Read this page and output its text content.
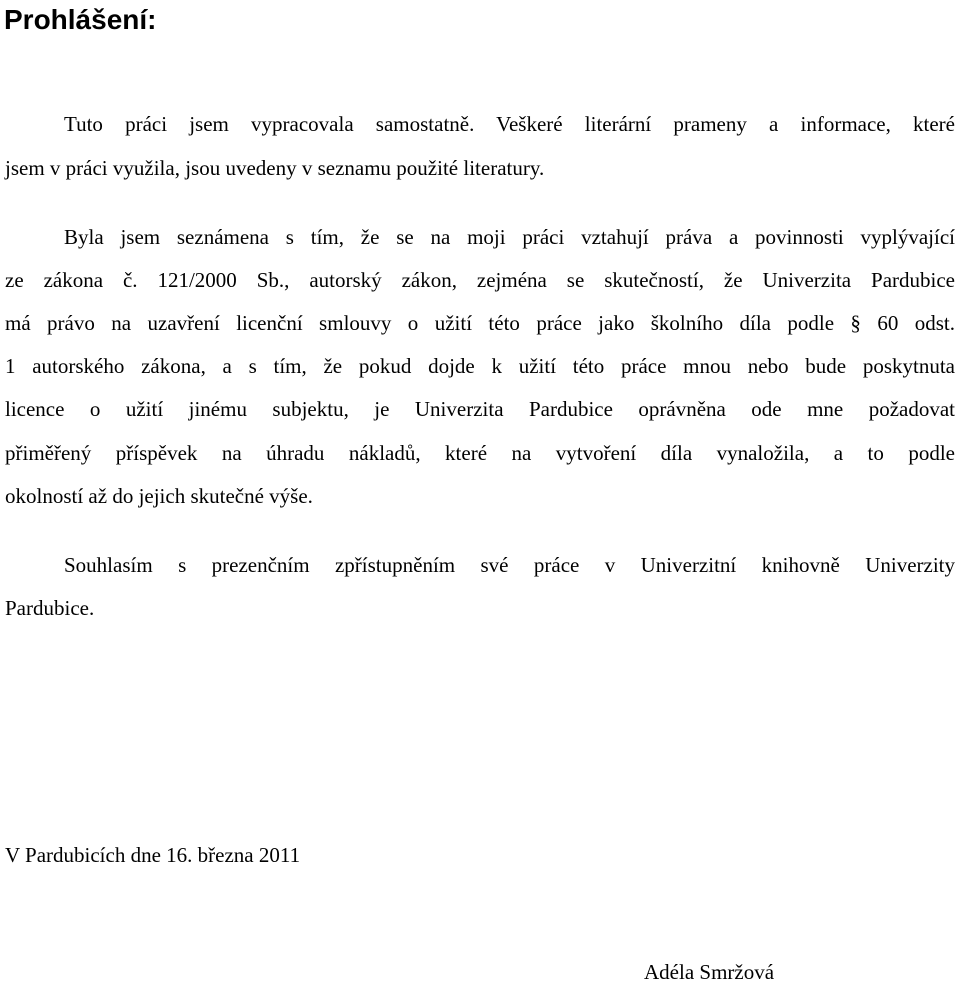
Prohlášení:
Tuto práci jsem vypracovala samostatně. Veškeré literární prameny a informace, které
jsem v práci využila, jsou uvedeny v seznamu použité literatury.
Byla jsem seznámena s tím, že se na moji práci vztahují práva a povinnosti vyplývající
ze zákona č. 121/2000 Sb., autorský zákon, zejména se skutečností, že Univerzita Pardubice
má právo na uzavření licenční smlouvy o užití této práce jako školního díla podle § 60 odst.
1 autorského zákona, a s tím, že pokud dojde k užití této práce mnou nebo bude poskytnuta
licence o užití jinému subjektu, je Univerzita Pardubice oprávněna ode mne požadovat
přiměřený příspěvek na úhradu nákladů, které na vytvoření díla vynaložila, a to podle
okolností až do jejich skutečné výše.
Souhlasím s prezenčním zpřístupněním své práce v Univerzitní knihovně Univerzity
Pardubice.
V Pardubicích dne 16. března 2011
Adéla Smržová
